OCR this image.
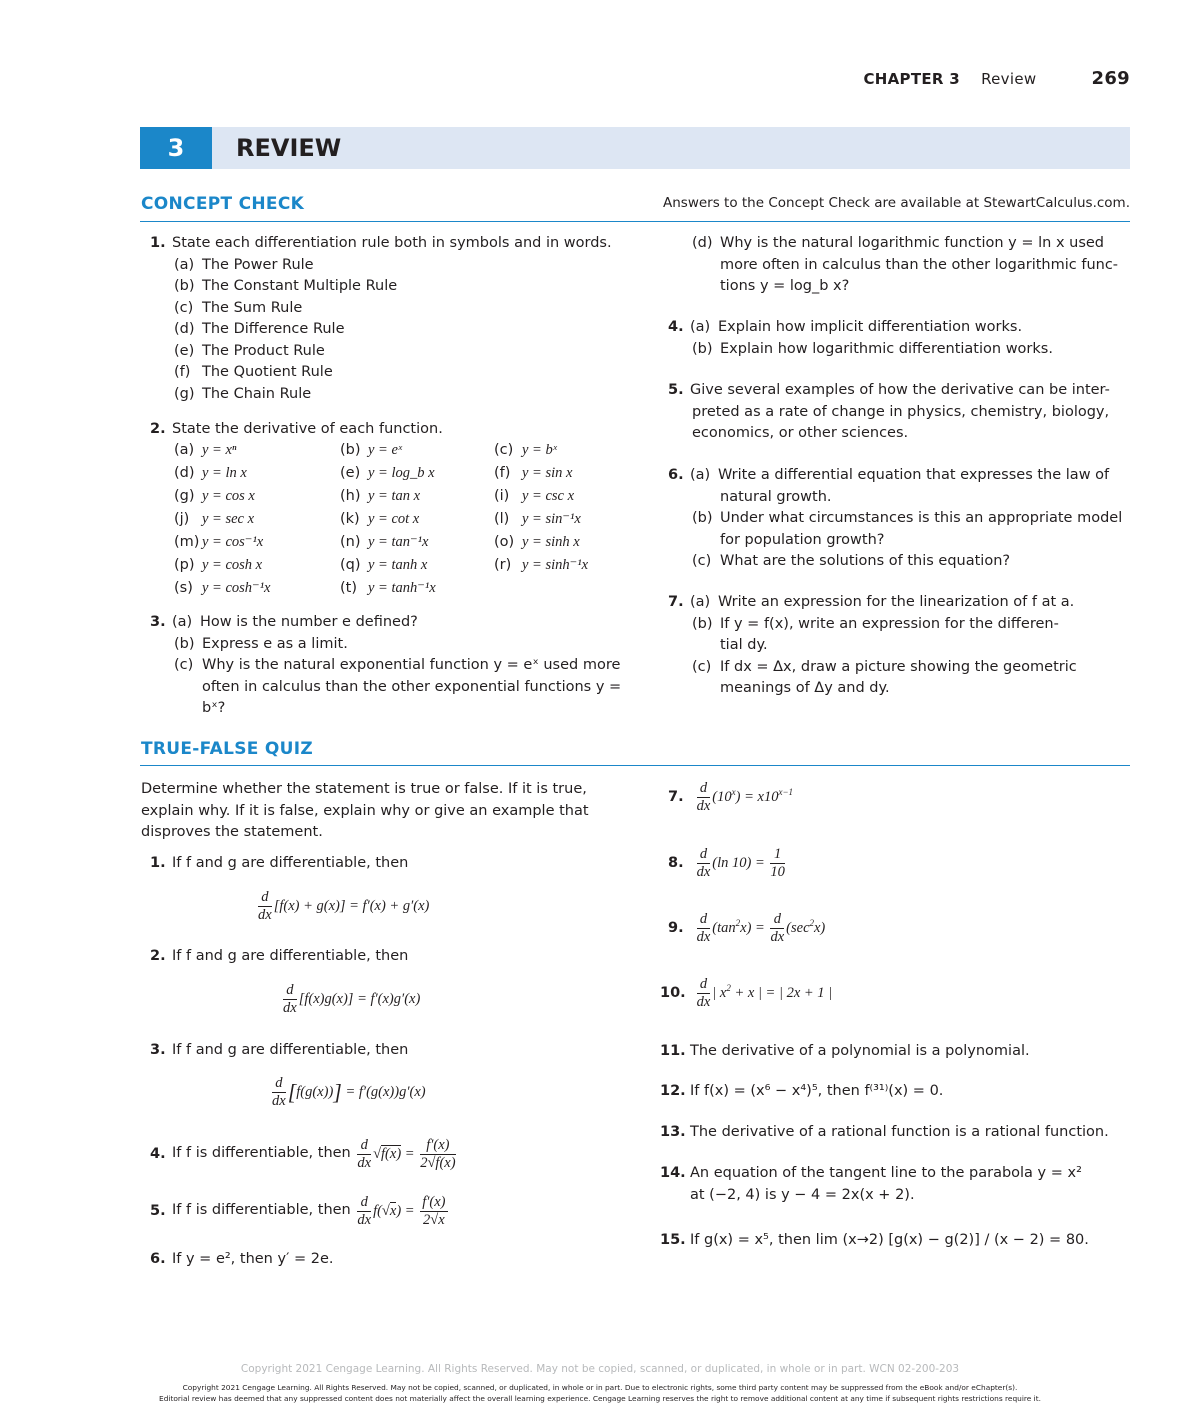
CHAPTER 3 Review	269
3	REVIEW
CONCEPT CHECK	Answers to the Concept Check are available at StewartCalculus.com.
1. State each differentiation rule both in symbols and in words.
(a) The Power Rule
(b) The Constant Multiple Rule
(c) The Sum Rule
(d) The Difference Rule
(e) The Product Rule
(f) The Quotient Rule
(g) The Chain Rule
2. State the derivative of each function.
(a) y = xⁿ	(b) y = eˣ	(c) y = bˣ
(d) y = ln x	(e) y = log_b x	(f) y = sin x
(g) y = cos x	(h) y = tan x	(i) y = csc x
(j) y = sec x	(k) y = cot x	(l) y = sin⁻¹x
(m) y = cos⁻¹x	(n) y = tan⁻¹x	(o) y = sinh x
(p) y = cosh x	(q) y = tanh x	(r) y = sinh⁻¹x
(s) y = cosh⁻¹x	(t) y = tanh⁻¹x
3. (a) How is the number e defined?
(b) Express e as a limit.
(c) Why is the natural exponential function y = eˣ used more
often in calculus than the other exponential functions y = bˣ?
(d) Why is the natural logarithmic function y = ln x used
more often in calculus than the other logarithmic func-
tions y = log_b x?
4. (a) Explain how implicit differentiation works.
(b) Explain how logarithmic differentiation works.
5. Give several examples of how the derivative can be inter-
preted as a rate of change in physics, chemistry, biology,
economics, or other sciences.
6. (a) Write a differential equation that expresses the law of
natural growth.
(b) Under what circumstances is this an appropriate model
for population growth?
(c) What are the solutions of this equation?
7. (a) Write an expression for the linearization of f at a.
(b) If y = f(x), write an expression for the differen-
tial dy.
(c) If dx = Δx, draw a picture showing the geometric
meanings of Δy and dy.
TRUE-FALSE QUIZ
Determine whether the statement is true or false. If it is true,
explain why. If it is false, explain why or give an example that
disproves the statement.
1. If f and g are differentiable, then
$\frac{d}{dx} [f(x) + g(x)] = f'(x) + g'(x)$
2. If f and g are differentiable, then
$\frac{d}{dx} [f(x)g(x)] = f'(x)g'(x)$
3. If f and g are differentiable, then
$\frac{d}{dx} [f(g(x))] = f'(g(x))g'(x)$
4. If f is differentiable, then $\frac{d}{dx} √f(x) = \frac{f'(x)}{2√f(x)}$
5. If f is differentiable, then $\frac{d}{dx} f(√x) = \frac{f'(x)}{2√x}$
6. If y = e², then y′ = 2e.
7. $\frac{d}{dx} (10^x) = x10^{x-1}$
8. $\frac{d}{dx} (\ln$ $10) = \frac{1}{10}$
9. $\frac{d}{dx} (\tan^2x) = \frac{d}{dx} (\sec^2x)$
10. $\frac{d}{dx}$ | $x^2 + x$ | = | 2x + 1 |
11. The derivative of a polynomial is a polynomial.
12. If f(x) = (x⁶ − x⁴)⁵, then f⁽³¹⁾(x) = 0.
13. The derivative of a rational function is a rational function.
14. An equation of the tangent line to the parabola y = x²
at (−2, 4) is y − 4 = 2x(x + 2).
15. If g(x) = x⁵, then lim (x→2) [g(x) − g(2)] / (x − 2) = 80.
Copyright 2021 Cengage Learning. All Rights Reserved. May not be copied, scanned, or duplicated, in whole or in part. WCN 02-200-203
Copyright 2021 Cengage Learning. All Rights Reserved. May not be copied, scanned, or duplicated, in whole or in part. Due to electronic rights, some third party content may be suppressed from the eBook and/or eChapter(s).
Editorial review has deemed that any suppressed content does not materially affect the overall learning experience. Cengage Learning reserves the right to remove additional content at any time if subsequent rights restrictions require it.
